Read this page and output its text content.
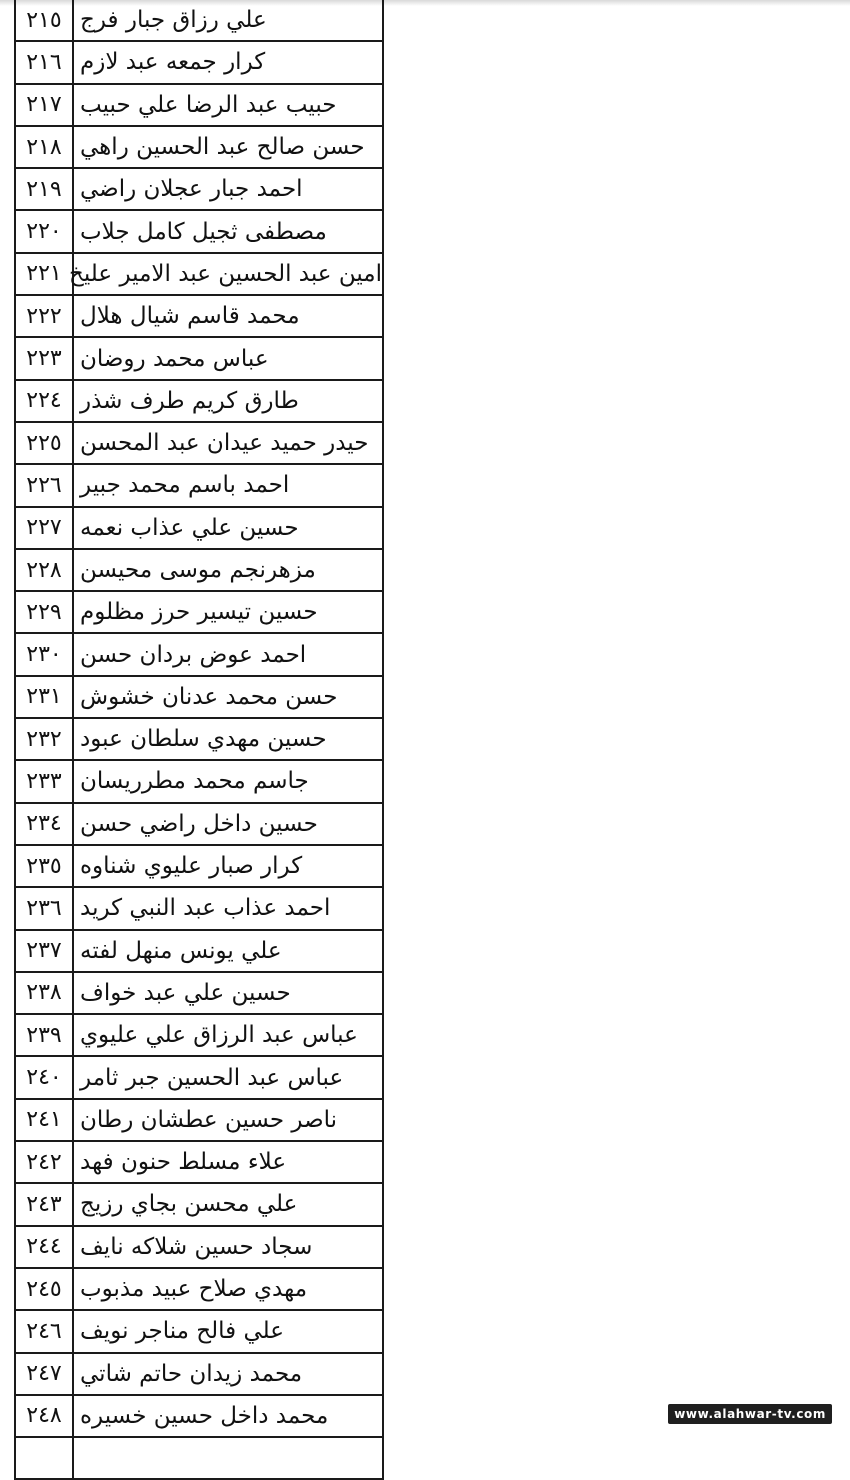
٢١٥	علي رزاق جبار فرج
٢١٦	كرار جمعه عبد لازم
٢١٧	حبيب عبد الرضا علي حبيب
٢١٨	حسن صالح عبد الحسين راهي
٢١٩	احمد جبار عجلان راضي
٢٢٠	مصطفى ثجيل كامل جلاب
٢٢١	امين عبد الحسين عبد الامير عليخ
٢٢٢	محمد قاسم شيال هلال
٢٢٣	عباس محمد روضان
٢٢٤	طارق كريم طرف شذر
٢٢٥	حيدر حميد عيدان عبد المحسن
٢٢٦	احمد باسم محمد جبير
٢٢٧	حسين علي عذاب نعمه
٢٢٨	مزهرنجم موسى محيسن
٢٢٩	حسين تيسير حرز مظلوم
٢٣٠	احمد عوض بردان حسن
٢٣١	حسن محمد عدنان خشوش
٢٣٢	حسين مهدي سلطان عبود
٢٣٣	جاسم محمد مطرريسان
٢٣٤	حسين داخل راضي حسن
٢٣٥	كرار صبار عليوي شناوه
٢٣٦	احمد عذاب عبد النبي كريد
٢٣٧	علي يونس منهل لفته
٢٣٨	حسين علي عبد خواف
٢٣٩	عباس عبد الرزاق علي عليوي
٢٤٠	عباس عبد الحسين جبر ثامر
٢٤١	ناصر حسين عطشان رطان
٢٤٢	علاء مسلط حنون فهد
٢٤٣	علي محسن بجاي رزيج
٢٤٤	سجاد حسين شلاكه نايف
٢٤٥	مهدي صلاح عبيد مذبوب
٢٤٦	علي فالح مناجر نويف
٢٤٧	محمد زيدان حاتم شاتي
٢٤٨	محمد داخل حسين خسيره
		www.alahwar-tv.com
